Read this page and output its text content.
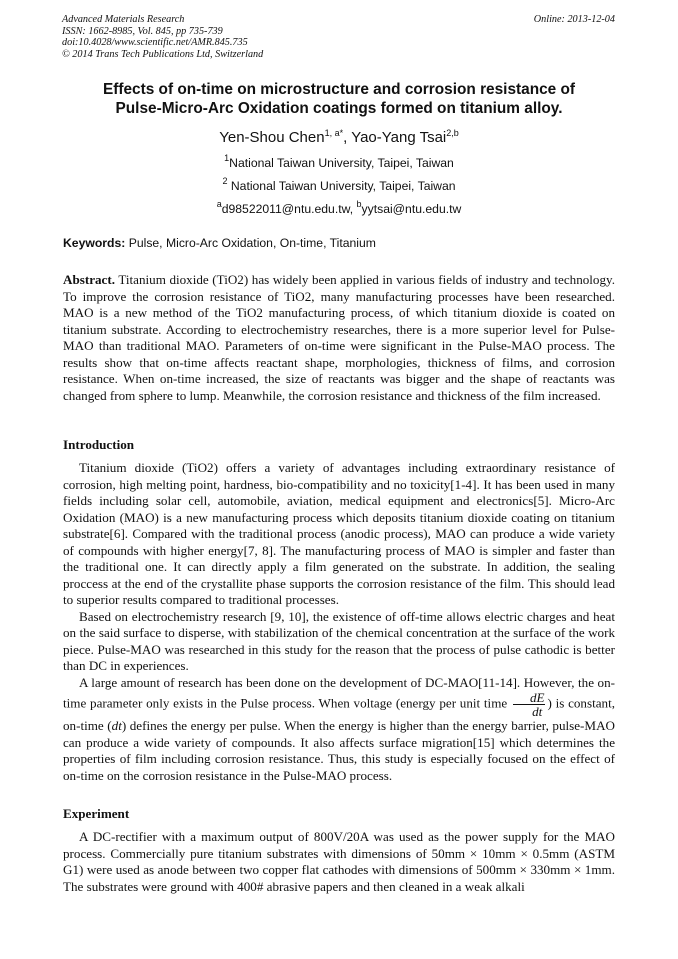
Advanced Materials Research
ISSN: 1662-8985, Vol. 845, pp 735-739
doi:10.4028/www.scientific.net/AMR.845.735
© 2014 Trans Tech Publications Ltd, Switzerland
Online: 2013-12-04
Effects of on-time on microstructure and corrosion resistance of
Pulse-Micro-Arc Oxidation coatings formed on titanium alloy.
Yen-Shou Chen$^{1, a*}$, Yao-Yang Tsai$^{2,b}$
$^1$National Taiwan University, Taipei, Taiwan
$^2$ National Taiwan University, Taipei, Taiwan
$^a$d98522011@ntu.edu.tw, $^b$yytsai@ntu.edu.tw
Keywords: Pulse, Micro-Arc Oxidation, On-time, Titanium

Abstract. Titanium dioxide (TiO2) has widely been applied in various fields of industry and technology. To improve the corrosion resistance of TiO2, many manufacturing processes have been researched. MAO is a new method of the TiO2 manufacturing process, of which titanium dioxide is coated on titanium substrate. According to electrochemistry researches, there is a more superior level for Pulse-MAO than traditional MAO. Parameters of on-time were significant in the Pulse-MAO process. The results show that on-time affects reactant shape, morphologies, thickness of films, and corrosion resistance. When on-time increased, the size of reactants was bigger and the shape of reactants was changed from sphere to lump. Meanwhile, the corrosion resistance and thickness of the film increased.

Introduction

Titanium dioxide (TiO2) offers a variety of advantages including extraordinary resistance of corrosion, high melting point, hardness, bio-compatibility and no toxicity[1-4]. It has been used in many fields including solar cell, automobile, aviation, medical equipment and electronics[5]. Micro-Arc Oxidation (MAO) is a new manufacturing process which deposits titanium dioxide coating on titanium substrate[6]. Compared with the traditional process (anodic process), MAO can produce a wide variety of compounds with higher energy[7, 8]. The manufacturing process of MAO is simpler and faster than the traditional one. It can directly apply a film generated on the substrate. In addition, the sealing proccess at the end of the crystallite phase supports the corrosion resistance of the film. This should lead to superior results compared to traditional processes.

Based on electrochemistry research [9, 10], the existence of off-time allows electric charges and heat on the said surface to disperse, with stabilization of the chemical concentration at the surface of the work piece. Pulse-MAO was researched in this study for the reason that the process of pulse cathodic is better than DC in experiences.

A large amount of research has been done on the development of DC-MAO[11-14]. However, the on-time parameter only exists in the Pulse process. When voltage (energy per unit time $\frac{dE}{dt}$ ) is constant, on-time (dt) defines the energy per pulse. When the energy is higher than the energy barrier, pulse-MAO can produce a wide variety of compounds. It also affects surface migration[15] which determines the properties of film including corrosion resistance. Thus, this study is especially focused on the effect of on-time on the corrosion resistance in the Pulse-MAO process.

Experiment

A DC-rectifier with a maximum output of 800V/20A was used as the power supply for the MAO process. Commercially pure titanium substrates with dimensions of 50mm × 10mm × 0.5mm (ASTM G1) were used as anode between two copper flat cathodes with dimensions of 500mm × 330mm × 1mm. The substrates were ground with 400# abrasive papers and then cleaned in a weak alkali
